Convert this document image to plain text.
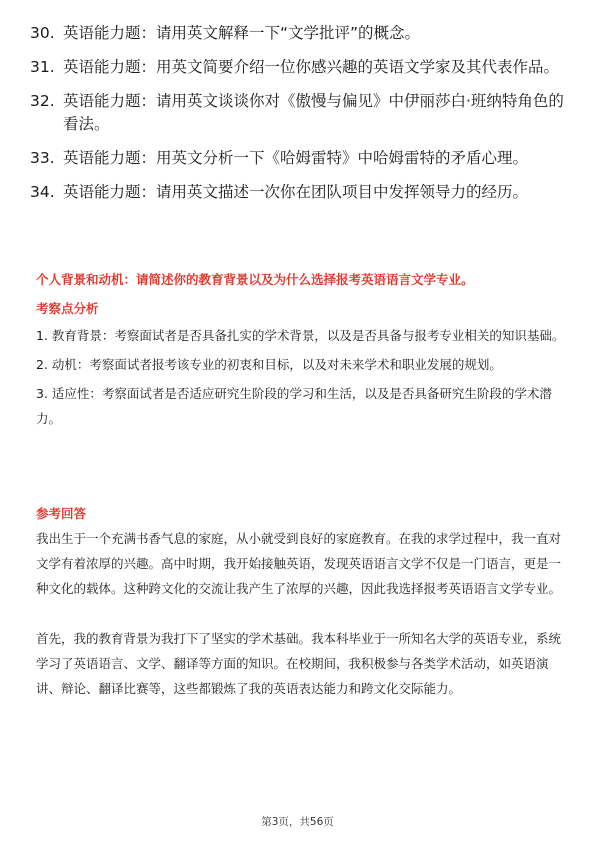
30. 英语能力题：请用英文解释一下“文学批评”的概念。
31. 英语能力题：用英文简要介绍一位你感兴趣的英语文学家及其代表作品。
32. 英语能力题：请用英文谈谈你对《傲慢与偏见》中伊丽莎白·班纳特角色的看法。
33. 英语能力题：用英文分析一下《哈姆雷特》中哈姆雷特的矛盾心理。
34. 英语能力题：请用英文描述一次你在团队项目中发挥领导力的经历。
个人背景和动机：请简述你的教育背景以及为什么选择报考英语语言文学专业。
考察点分析
1. 教育背景：考察面试者是否具备扎实的学术背景，以及是否具备与报考专业相关的知识基础。
2. 动机：考察面试者报考该专业的初衷和目标，以及对未来学术和职业发展的规划。
3. 适应性：考察面试者是否适应研究生阶段的学习和生活，以及是否具备研究生阶段的学术潜力。
参考回答

我出生于一个充满书香气息的家庭，从小就受到良好的家庭教育。在我的求学过程中，我一直对文学有着浓厚的兴趣。高中时期，我开始接触英语，发现英语语言文学不仅是一门语言，更是一种文化的载体。这种跨文化的交流让我产生了浓厚的兴趣，因此我选择报考英语语言文学专业。

首先，我的教育背景为我打下了坚实的学术基础。我本科毕业于一所知名大学的英语专业，系统学习了英语语言、文学、翻译等方面的知识。在校期间，我积极参与各类学术活动，如英语演讲、辩论、翻译比赛等，这些都锻炼了我的英语表达能力和跨文化交际能力。

第3页，共56页
